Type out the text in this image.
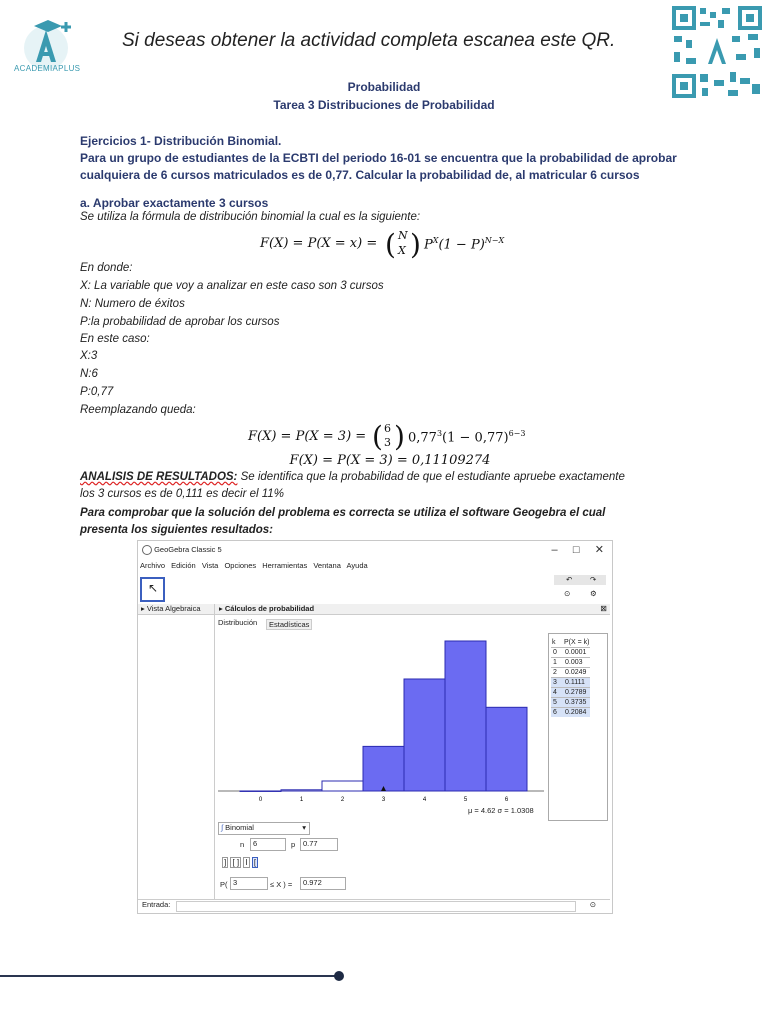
ACADEMIAPLUS
Si deseas obtener la actividad completa escanea este QR.
Probabilidad
Tarea 3 Distribuciones de Probabilidad
Ejercicios 1- Distribución Binomial.
Para un grupo de estudiantes de la ECBTI del periodo 16-01 se encuentra que la probabilidad de aprobar
cualquiera de 6 cursos matriculados es de 0,77. Calcular la probabilidad de, al matricular 6 cursos
a. Aprobar exactamente 3 cursos
Se utiliza la fórmula de distribución binomial la cual es la siguiente:
F(X) = P(X = x) = ( N
X ) $P^X(1 - P)^{N-X}$
En donde:
X: La variable que voy a analizar en este caso son 3 cursos
N: Numero de éxitos
P:la probabilidad de aprobar los cursos
En este caso:
X:3
N:6
P:0,77
Reemplazando queda:
F(X) = P(X = 3) = ( 6
3 ) $0,77^3(1 - 0,77)^{6-3}$
F(X) = P(X = 3) = 0,11109274
ANALISIS DE RESULTADOS: Se identifica que la probabilidad de que el estudiante apruebe exactamente
los 3 cursos es de 0,111 es decir el 11%
Para comprobar que la solución del problema es correcta se utiliza el software Geogebra el cual
presenta los siguientes resultados:
GeoGebra Classic 5	– □ ✕
Archivo Edición Vista Opciones Herramientas Ventana Ayuda
↖
↶ ↷
⊙	⚙
▸ Vista Algebraica	▸ Cálculos de probabilidad	⊠
Distribución	Estadísticas
0	1	2	3	4	5	6
μ = 4.62 σ = 1.0308
k	P(X = k)
0	0.0001
1	0.003
2	0.0249
3	0.1111
4	0.2789
5	0.3735
6	0.2084
∫ Binomial	▾
n	6	p	0.77
] [ ] I [
P( 3	≤ X ) =	0.972
Entrada:	⊙
